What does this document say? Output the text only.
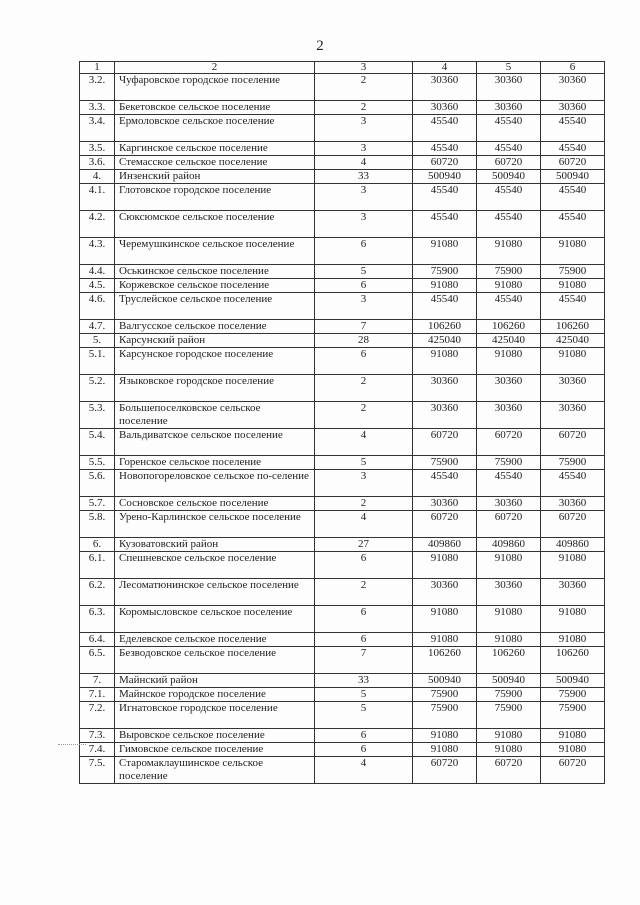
2
1	2	3	4	5	6
3.2.	Чуфаровское городское поселение	2	30360	30360	30360
3.3.	Бекетовское сельское поселение	2	30360	30360	30360
3.4.	Ермоловское сельское поселение	3	45540	45540	45540
3.5.	Каргинское сельское поселение	3	45540	45540	45540
3.6.	Стемасское сельское поселение	4	60720	60720	60720
4.	Инзенский район	33	500940	500940	500940
4.1.	Глотовское городское поселение	3	45540	45540	45540
4.2.	Сюксюмское сельское поселение	3	45540	45540	45540
4.3.	Черемушкинское сельское поселение	6	91080	91080	91080
4.4.	Оськинское сельское поселение	5	75900	75900	75900
4.5.	Коржевское сельское поселение	6	91080	91080	91080
4.6.	Труслейское сельское поселение	3	45540	45540	45540
4.7.	Валгусское сельское поселение	7	106260	106260	106260
5.	Карсунский район	28	425040	425040	425040
5.1.	Карсунское городское поселение	6	91080	91080	91080
5.2.	Языковское городское поселение	2	30360	30360	30360
5.3.	Большепоселковское сельское поселение	2	30360	30360	30360
5.4.	Вальдиватское сельское поселение	4	60720	60720	60720
5.5.	Горенское сельское поселение	5	75900	75900	75900
5.6.	Новопогореловское сельское по-селение	3	45540	45540	45540
5.7.	Сосновское сельское поселение	2	30360	30360	30360
5.8.	Урено-Карлинское сельское поселение	4	60720	60720	60720
6.	Кузоватовский район	27	409860	409860	409860
6.1.	Спешневское сельское поселение	6	91080	91080	91080
6.2.	Лесоматюнинское сельское поселение	2	30360	30360	30360
6.3.	Коромысловское сельское поселение	6	91080	91080	91080
6.4.	Еделевское сельское поселение	6	91080	91080	91080
6.5.	Безводовское сельское поселение	7	106260	106260	106260
7.	Майнский район	33	500940	500940	500940
7.1.	Майнское городское поселение	5	75900	75900	75900
7.2.	Игнатовское городское поселение	5	75900	75900	75900
7.3.	Выровское сельское поселение	6	91080	91080	91080
7.4.	Гимовское сельское поселение	6	91080	91080	91080
7.5.	Старомаклаушинское сельское поселение	4	60720	60720	60720
